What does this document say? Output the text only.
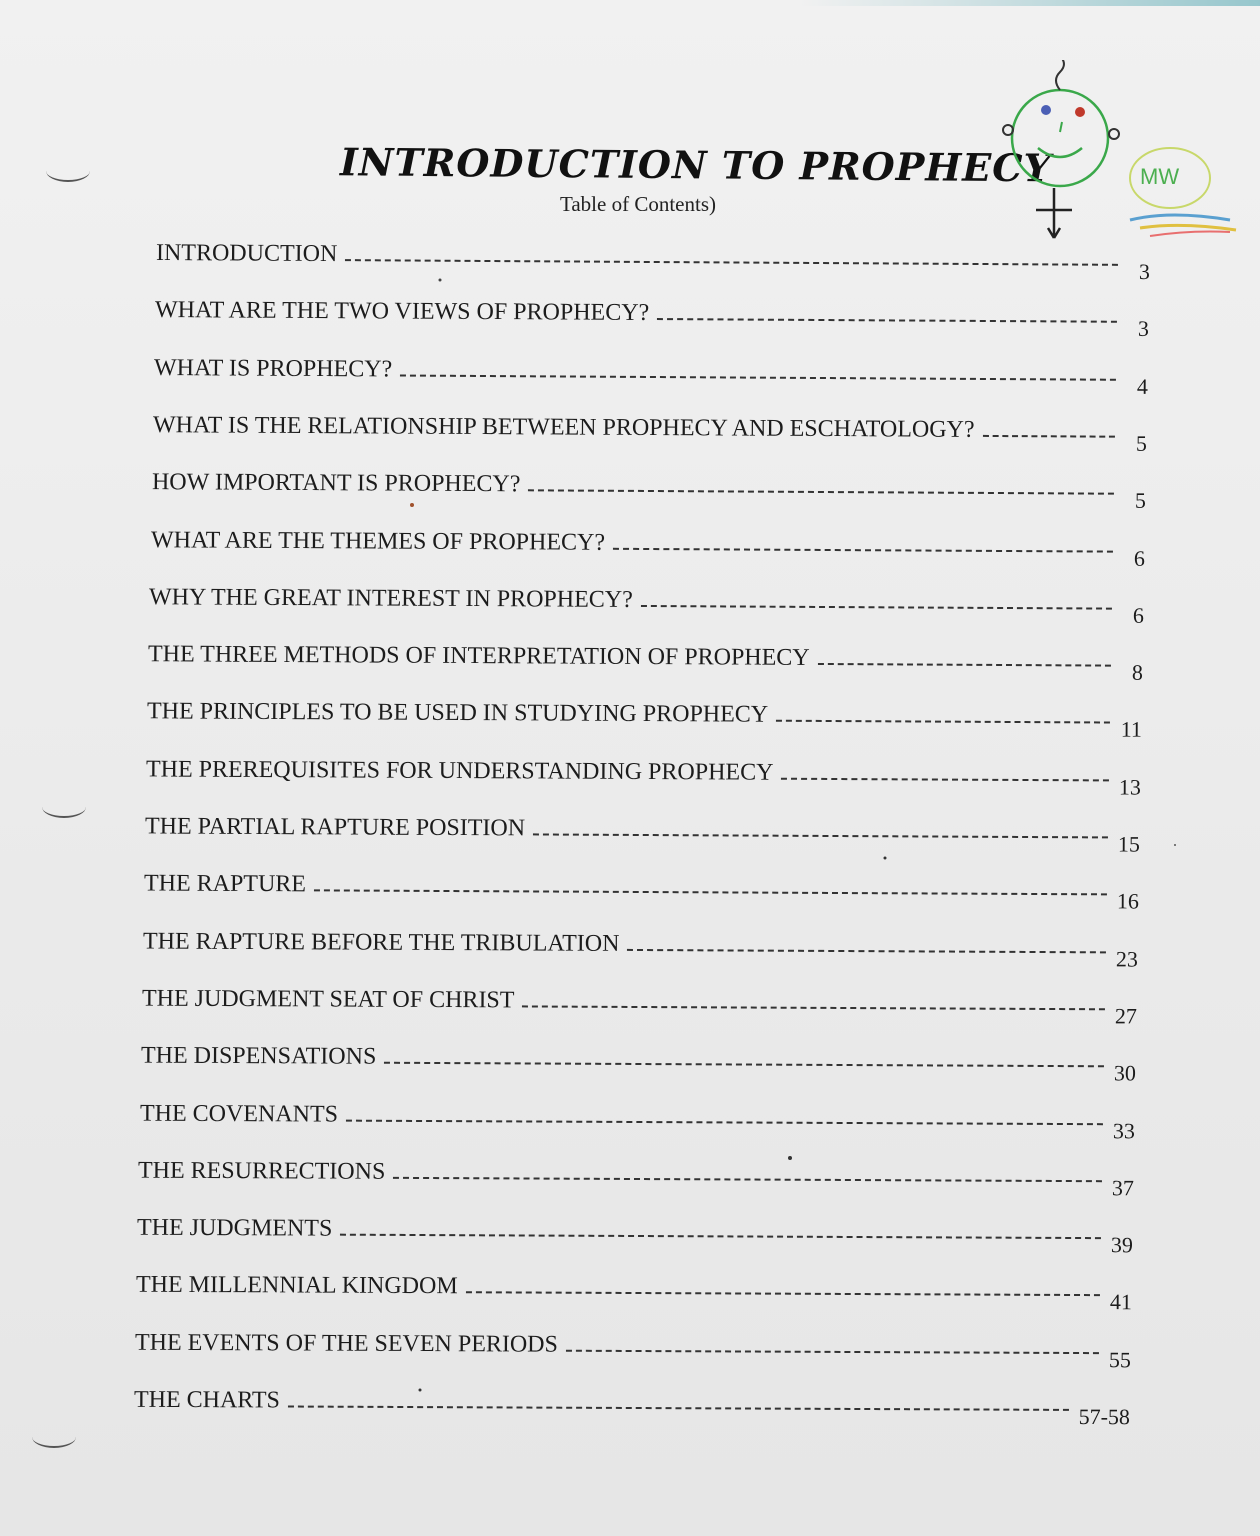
INTRODUCTION TO PROPHECY
Table of Contents)
MW
INTRODUCTION
3
WHAT ARE THE TWO VIEWS OF PROPHECY?
3
WHAT IS PROPHECY?
4
WHAT IS THE RELATIONSHIP BETWEEN PROPHECY AND ESCHATOLOGY?
5
HOW IMPORTANT IS PROPHECY?
5
WHAT ARE THE THEMES OF PROPHECY?
6
WHY THE GREAT INTEREST IN PROPHECY?
6
THE THREE METHODS OF INTERPRETATION OF PROPHECY
8
THE PRINCIPLES TO BE USED IN STUDYING PROPHECY
11
THE PREREQUISITES FOR UNDERSTANDING PROPHECY
13
THE PARTIAL RAPTURE POSITION
15
THE RAPTURE
16
THE RAPTURE BEFORE THE TRIBULATION
23
THE JUDGMENT SEAT OF CHRIST
27
THE DISPENSATIONS
30
THE COVENANTS
33
THE RESURRECTIONS
37
THE JUDGMENTS
39
THE MILLENNIAL KINGDOM
41
THE EVENTS OF THE SEVEN PERIODS
55
THE CHARTS
57-58
